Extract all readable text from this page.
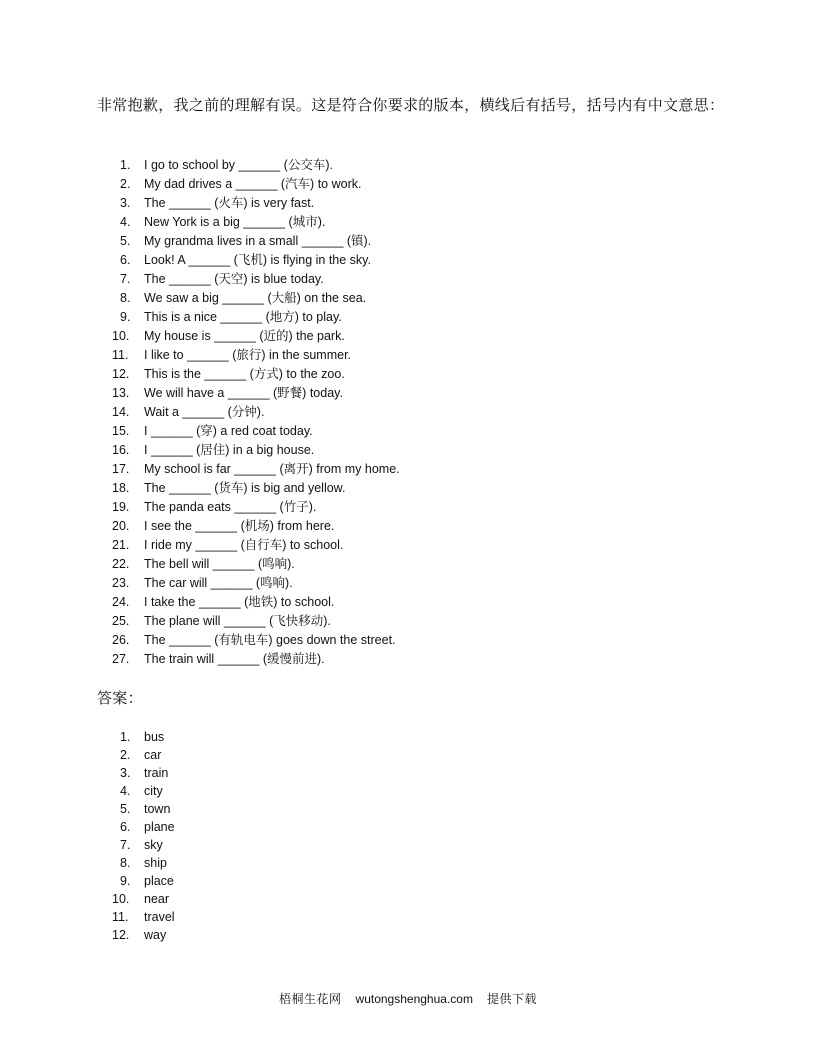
非常抱歉，我之前的理解有误。这是符合你要求的版本，横线后有括号，括号内有中文意思：
1.	I go to school by ______ (公交车).
2.	My dad drives a ______ (汽车) to work.
3.	The ______ (火车) is very fast.
4.	New York is a big ______ (城市).
5.	My grandma lives in a small ______ (镇).
6.	Look! A ______ (飞机) is flying in the sky.
7.	The ______ (天空) is blue today.
8.	We saw a big ______ (大船) on the sea.
9.	This is a nice ______ (地方) to play.
10.	My house is ______ (近的) the park.
11.	I like to ______ (旅行) in the summer.
12.	This is the ______ (方式) to the zoo.
13.	We will have a ______ (野餐) today.
14.	Wait a ______ (分钟).
15.	I ______ (穿) a red coat today.
16.	I ______ (居住) in a big house.
17.	My school is far ______ (离开) from my home.
18.	The ______ (货车) is big and yellow.
19.	The panda eats ______ (竹子).
20.	I see the ______ (机场) from here.
21.	I ride my ______ (自行车) to school.
22.	The bell will ______ (鸣响).
23.	The car will ______ (鸣响).
24.	I take the ______ (地铁) to school.
25.	The plane will ______ (飞快移动).
26.	The ______ (有轨电车) goes down the street.
27.	The train will ______ (缓慢前进).
答案：
1.	bus
2.	car
3.	train
4.	city
5.	town
6.	plane
7.	sky
8.	ship
9.	place
10.	near
11.	travel
12.	way
梧桐生花网 wutongshenghua.com 提供下载
